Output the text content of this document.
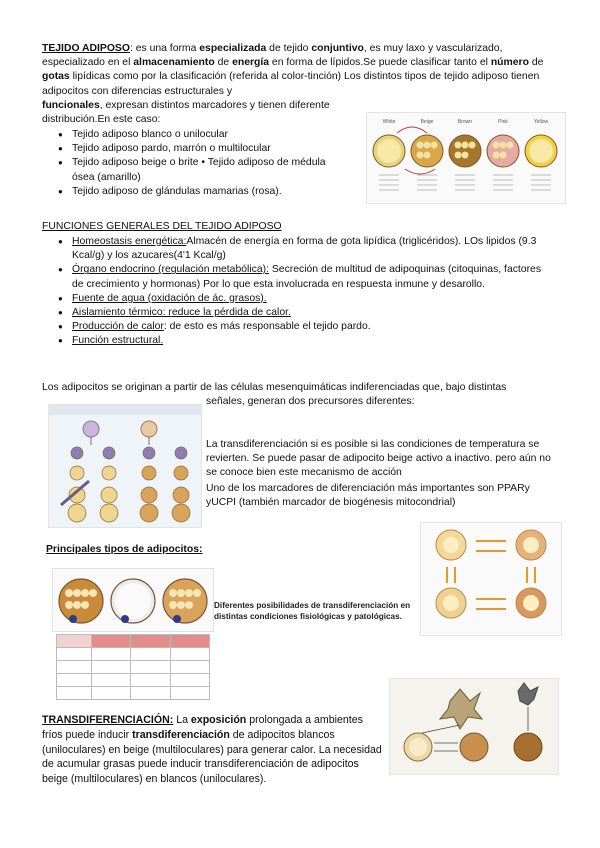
TEJIDO ADIPOSO: es una forma especializada de tejido conjuntivo, es muy laxo y vascularizado, especializado en el almacenamiento de energía en forma de lípidos.Se puede clasificar tanto el número de gotas lipídicas como por la clasificación (referida al color-tinción) Los distintos tipos de tejido adiposo tienen adipocitos con diferencias estructurales y
funcionales, expresan distintos marcadores y tienen diferente distribución.En este caso:
● Tejido adiposo blanco o unilocular
● Tejido adiposo pardo, marrón o multilocular
● Tejido adiposo beige o brite • Tejido adiposo de médula ósea (amarillo)
● Tejido adiposo de glándulas mamarias (rosa).
White	Beige	Brown	Pink	Yellow
FUNCIONES GENERALES DEL TEJIDO ADIPOSO
● Homeostasis energética:Almacén de energía en forma de gota lipídica (triglicéridos). LOs lipidos (9.3 Kcal/g) y los azucares(4'1 Kcal/g)
● Órgano endocrino (regulación metabólica): Secreción de multitud de adipoquinas (citoquinas, factores de crecimiento y hormonas) Por lo que esta involucrada en respuesta inmune y desarollo.
● Fuente de agua (oxidación de ác. grasos).
● Aislamiento térmico: reduce la pérdida de calor.
● Producción de calor: de esto es más responsable el tejido pardo.
● Función estructural.
Los adipocitos se originan a partir de las células mesenquimáticas indiferenciadas que, bajo distintas
señales, generan dos precursores diferentes:
La transdiferenciación si es posible si las condiciones de temperatura se revierten. Se puede pasar de adipocito beige activo a inactivo. pero aún no se conoce bien este mecanismo de acción
Uno de los marcadores de diferenciación más importantes son PPARy yUCPI (también marcador de biogénesis mitocondrial)
Principales tipos de adipocitos:
Diferentes posibilidades de transdiferenciación en distintas condiciones fisiológicas y patológicas.

TRANSDIFERENCIACIÓN: La exposición prolongada a ambientes fríos puede inducir transdiferenciación de adipocitos blancos (uniloculares) en beige (multiloculares) para generar calor. La necesidad de acumular grasas puede inducir transdiferenciación de adipocitos beige (multiloculares) en blancos (uniloculares).
